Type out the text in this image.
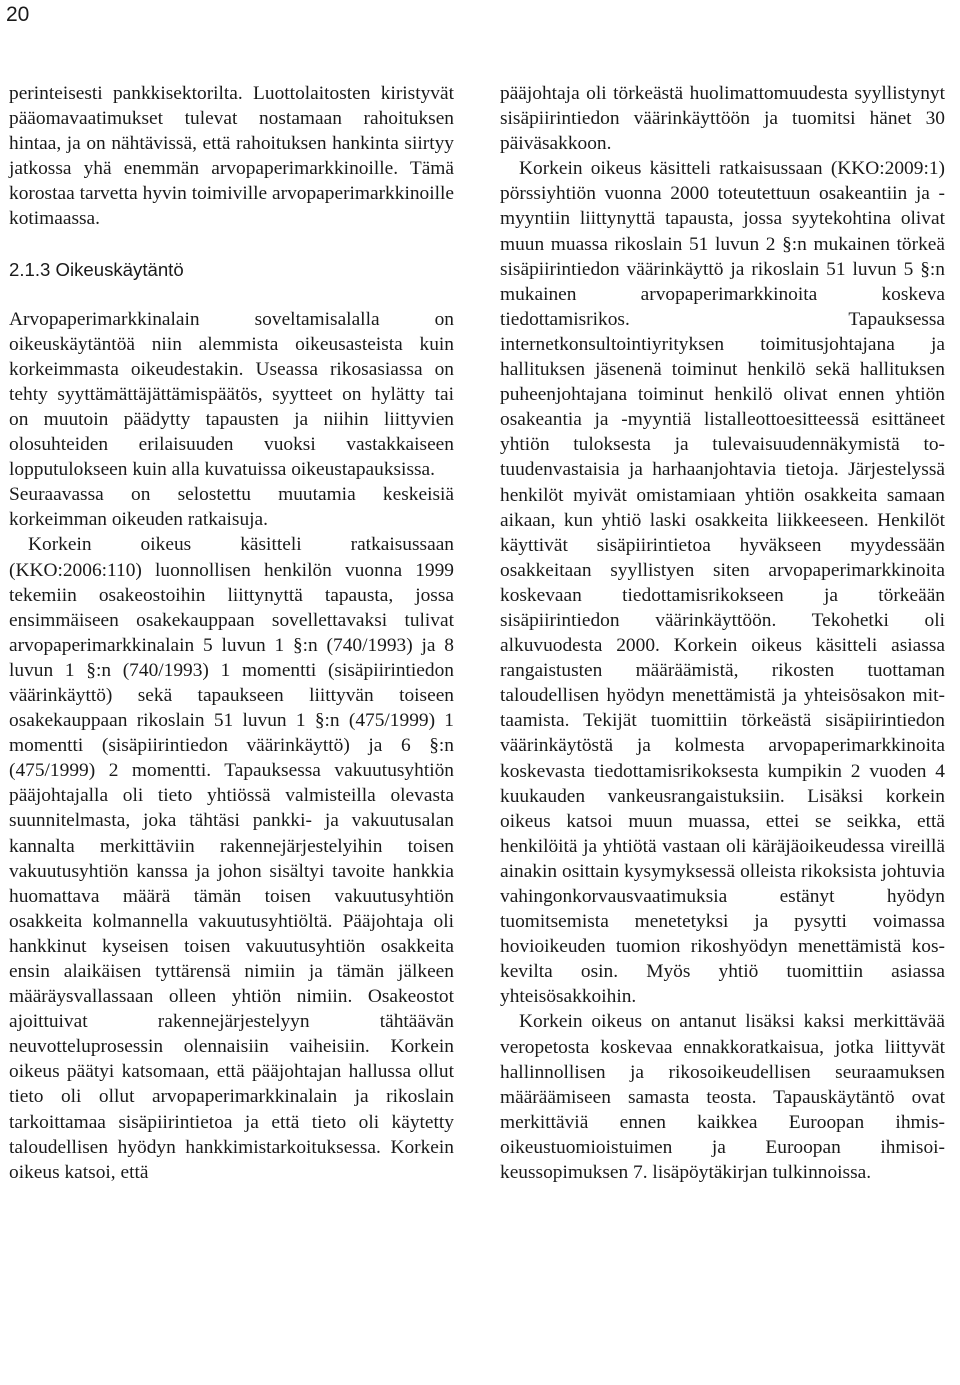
20

perinteisesti pankkisektorilta. Luottolaitosten kiristyvät pääomavaatimukset tulevat nostamaan rahoituksen hintaa, ja on nähtävissä, että rahoituksen hankinta siirtyy jatkossa yhä enemmän arvopaperimarkkinoille. Tämä korostaa tarvetta hyvin toimiville arvopaperimarkkinoille kotimaassa.

2.1.3 Oikeuskäytäntö

Arvopaperimarkkinalain soveltamisalalla on oikeuskäytäntöä niin alemmista oikeusasteista kuin korkeimmasta oikeudestakin. Useassa rikosasiassa on tehty syyttämättäjättämispäätös, syytteet on hylätty tai on muutoin päädytty tapausten ja niihin liittyvien olosuhteiden erilaisuuden vuoksi vastakkaiseen lopputulokseen kuin alla kuvatuissa oikeustapauksissa.

Seuraavassa on selostettu muutamia keskeisiä korkeimman oikeuden ratkaisuja.

Korkein oikeus käsitteli ratkaisussaan (KKO:2006:110) luonnollisen henkilön vuonna 1999 tekemiin osakeostoihin liittynyttä tapausta, jossa ensimmäiseen osakekauppaan sovellettavaksi tulivat arvopaperimarkkinalain 5 luvun 1 §:n (740/1993) ja 8 luvun 1 §:n (740/1993) 1 momentti (sisäpiirintiedon väärinkäyttö) sekä tapaukseen liittyvän toiseen osakekauppaan rikoslain 51 luvun 1 §:n (475/1999) 1 momentti (sisäpiirintiedon väärinkäyttö) ja 6 §:n (475/1999) 2 momentti. Tapauksessa vakuutusyhtiön pääjohtajalla oli tieto yhtiössä valmisteilla olevasta suunnitelmasta, joka tähtäsi pankki- ja vakuutusalan kannalta merkittäviin rakennejärjestelyihin toisen vakuutusyhtiön kanssa ja johon sisältyi tavoite hankkia huomattava määrä tämän toisen vakuutusyhtiön osakkeita kolmannella vakuutusyhtiöltä. Pääjohtaja oli hankkinut kyseisen toisen vakuutusyhtiön osakkeita ensin alaikäisen tyttärensä nimiin ja tämän jälkeen määräysvallassaan olleen yhtiön nimiin. Osakeostot ajoittuivat rakennejärjestelyyn tähtäävän neuvotteluprosessin olennaisiin vaiheisiin. Korkein oikeus päätyi katsomaan, että pääjohtajan hallussa ollut tieto oli ollut arvopaperimarkkinalain ja rikoslain tarkoittamaa sisäpiirintietoa ja että tieto oli käytetty taloudellisen hyödyn hankkimistarkoituksessa. Korkein oikeus katsoi, että

pääjohtaja oli törkeästä huolimattomuudesta syyllistynyt sisäpiirintiedon väärinkäyttöön ja tuomitsi hänet 30 päiväsakkoon.

Korkein oikeus käsitteli ratkaisussaan (KKO:2009:1) pörssiyhtiön vuonna 2000 toteutettuun osakeantiin ja -myyntiin liittynyttä tapausta, jossa syytekohtina olivat muun muassa rikoslain 51 luvun 2 §:n mukainen törkeä sisäpiirintiedon väärinkäyttö ja rikoslain 51 luvun 5 §:n mukainen arvopaperimarkkinoita koskeva tiedottamisrikos. Tapauksessa internetkonsultointiyrityksen toimitusjohtajana ja hallituksen jäsenenä toiminut henkilö sekä hallituksen puheenjohtajana toiminut henkilö olivat ennen yhtiön osakeantia ja -myyntiä listalleottoesitteessä esittäneet yhtiön tuloksesta ja tulevaisuudennäkymistä totuudenvastaisia ja harhaanjohtavia tietoja. Järjestelyssä henkilöt myivät omistamiaan yhtiön osakkeita samaan aikaan, kun yhtiö laski osakkeita liikkeeseen. Henkilöt käyttivät sisäpiirintietoa hyväkseen myydessään osakkeitaan syyllistyen siten arvopaperimarkkinoita koskevaan tiedottamisrikokseen ja törkeään sisäpiirintiedon väärinkäyttöön. Tekohetki oli alkuvuodesta 2000. Korkein oikeus käsitteli asiassa rangaistusten määräämistä, rikosten tuottaman taloudellisen hyödyn menettämistä ja yhteisösakon mittaamista. Tekijät tuomittiin törkeästä sisäpiirintiedon väärinkäytöstä ja kolmesta arvopaperimarkkinoita koskevasta tiedottamisrikoksesta kumpikin 2 vuoden 4 kuukauden vankeusrangaistuksiin. Lisäksi korkein oikeus katsoi muun muassa, ettei se seikka, että henkilöitä ja yhtiötä vastaan oli käräjäoikeudessa vireillä ainakin osittain kysymyksessä olleista rikoksista johtuvia vahingonkorvausvaatimuksia estänyt hyödyn tuomitsemista menetetyksi ja pysytti voimassa hovioikeuden tuomion rikoshyödyn menettämistä koskevilta osin. Myös yhtiö tuomittiin asiassa yhteisösakkoihin.

Korkein oikeus on antanut lisäksi kaksi merkittävää veropetosta koskevaa ennakkoratkaisua, jotka liittyvät hallinnollisen ja rikosoikeudellisen seuraamuksen määräämiseen samasta teosta. Tapauskäytäntö ovat merkittäviä ennen kaikkea Euroopan ihmisoikeustuomioistuimen ja Euroopan ihmisoikeussopimuksen 7. lisäpöytäkirjan tulkinnoissa.
